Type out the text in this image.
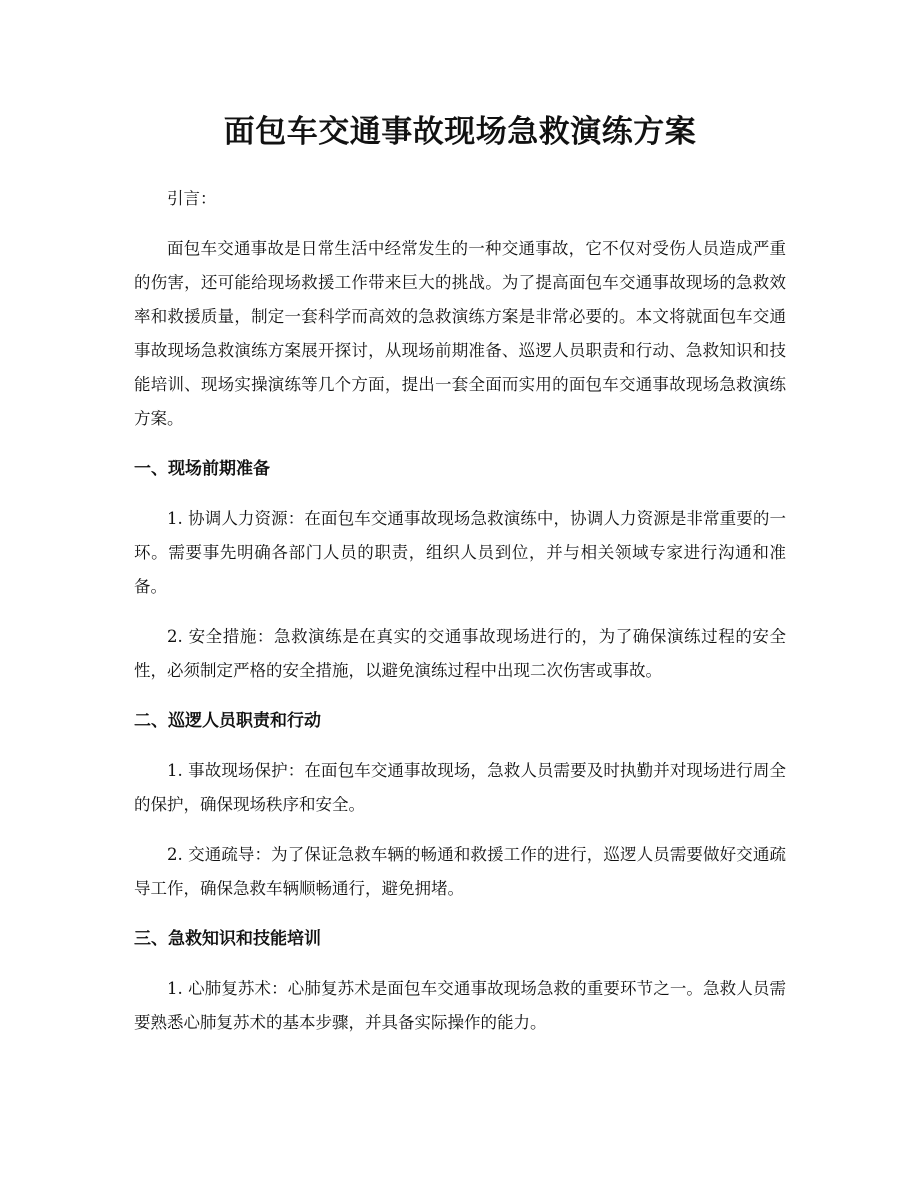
面包车交通事故现场急救演练方案

引言：

面包车交通事故是日常生活中经常发生的一种交通事故，它不仅对受伤人员造成严重的伤害，还可能给现场救援工作带来巨大的挑战。为了提高面包车交通事故现场的急救效率和救援质量，制定一套科学而高效的急救演练方案是非常必要的。本文将就面包车交通事故现场急救演练方案展开探讨，从现场前期准备、巡逻人员职责和行动、急救知识和技能培训、现场实操演练等几个方面，提出一套全面而实用的面包车交通事故现场急救演练方案。

一、现场前期准备

1. 协调人力资源：在面包车交通事故现场急救演练中，协调人力资源是非常重要的一环。需要事先明确各部门人员的职责，组织人员到位，并与相关领域专家进行沟通和准备。

2. 安全措施：急救演练是在真实的交通事故现场进行的，为了确保演练过程的安全性，必须制定严格的安全措施，以避免演练过程中出现二次伤害或事故。

二、巡逻人员职责和行动

1. 事故现场保护：在面包车交通事故现场，急救人员需要及时执勤并对现场进行周全的保护，确保现场秩序和安全。

2. 交通疏导：为了保证急救车辆的畅通和救援工作的进行，巡逻人员需要做好交通疏导工作，确保急救车辆顺畅通行，避免拥堵。

三、急救知识和技能培训

1. 心肺复苏术：心肺复苏术是面包车交通事故现场急救的重要环节之一。急救人员需要熟悉心肺复苏术的基本步骤，并具备实际操作的能力。
